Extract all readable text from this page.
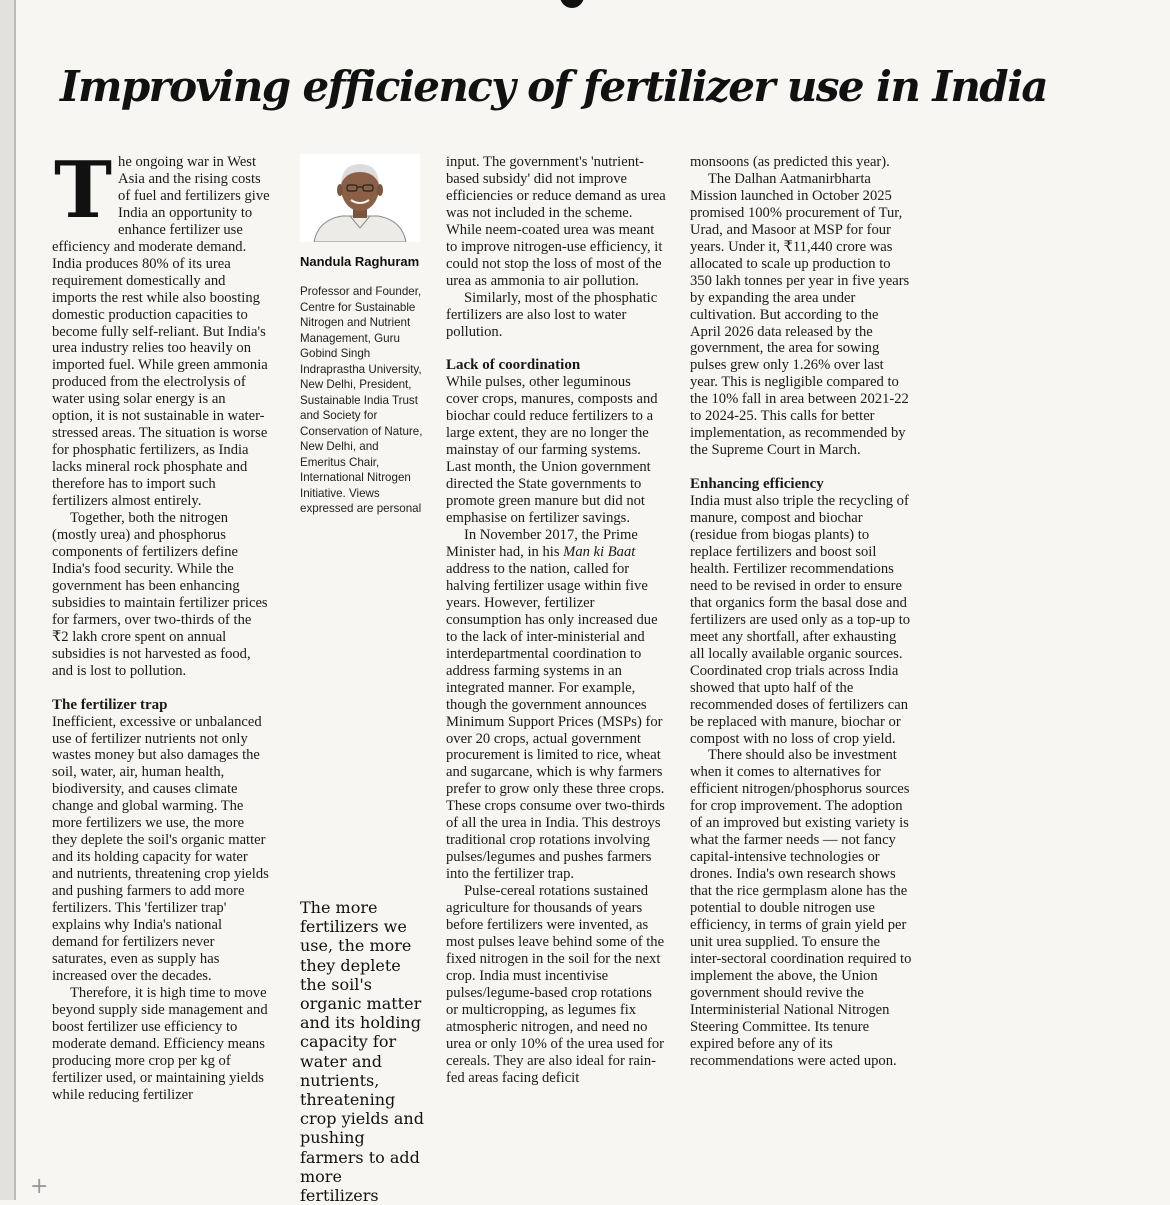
+
Improving efficiency of fertilizer use in India

The ongoing war in West Asia and the rising costs of fuel and fertilizers give India an opportunity to enhance fertilizer use efficiency and moderate demand. India produces 80% of its urea requirement domestically and imports the rest while also boosting domestic production capacities to become fully self-reliant. But India's urea industry relies too heavily on imported fuel. While green ammonia produced from the electrolysis of water using solar energy is an option, it is not sustainable in water-stressed areas. The situation is worse for phosphatic fertilizers, as India lacks mineral rock phosphate and therefore has to import such fertilizers almost entirely.

Together, both the nitrogen (mostly urea) and phosphorus components of fertilizers define India's food security. While the government has been enhancing subsidies to maintain fertilizer prices for farmers, over two-thirds of the ₹2 lakh crore spent on annual subsidies is not harvested as food, and is lost to pollution.

The fertilizer trap

Inefficient, excessive or unbalanced use of fertilizer nutrients not only wastes money but also damages the soil, water, air, human health, biodiversity, and causes climate change and global warming. The more fertilizers we use, the more they deplete the soil's organic matter and its holding capacity for water and nutrients, threatening crop yields and pushing farmers to add more fertilizers. This 'fertilizer trap' explains why India's national demand for fertilizers never saturates, even as supply has increased over the decades.

Therefore, it is high time to move beyond supply side management and boost fertilizer use efficiency to moderate demand. Efficiency means producing more crop per kg of fertilizer used, or maintaining yields while reducing fertilizer

Nandula Raghuram
Professor and Founder, Centre for Sustainable Nitrogen and Nutrient Management, Guru Gobind Singh Indraprastha University, New Delhi, President, Sustainable India Trust and Society for Conservation of Nature, New Delhi, and Emeritus Chair, International Nitrogen Initiative. Views expressed are personal
The more fertilizers we use, the more they deplete the soil's organic matter and its holding capacity for water and nutrients, threatening crop yields and pushing farmers to add more fertilizers

input. The government's 'nutrient-based subsidy' did not improve efficiencies or reduce demand as urea was not included in the scheme. While neem-coated urea was meant to improve nitrogen-use efficiency, it could not stop the loss of most of the urea as ammonia to air pollution.

Similarly, most of the phosphatic fertilizers are also lost to water pollution.

Lack of coordination

While pulses, other leguminous cover crops, manures, composts and biochar could reduce fertilizers to a large extent, they are no longer the mainstay of our farming systems. Last month, the Union government directed the State governments to promote green manure but did not emphasise on fertilizer savings.

In November 2017, the Prime Minister had, in his Man ki Baat address to the nation, called for halving fertilizer usage within five years. However, fertilizer consumption has only increased due to the lack of inter-ministerial and interdepartmental coordination to address farming systems in an integrated manner. For example, though the government announces Minimum Support Prices (MSPs) for over 20 crops, actual government procurement is limited to rice, wheat and sugarcane, which is why farmers prefer to grow only these three crops. These crops consume over two-thirds of all the urea in India. This destroys traditional crop rotations involving pulses/legumes and pushes farmers into the fertilizer trap.

Pulse-cereal rotations sustained agriculture for thousands of years before fertilizers were invented, as most pulses leave behind some of the fixed nitrogen in the soil for the next crop. India must incentivise pulses/legume-based crop rotations or multicropping, as legumes fix atmospheric nitrogen, and need no urea or only 10% of the urea used for cereals. They are also ideal for rain-fed areas facing deficit

monsoons (as predicted this year).

The Dalhan Aatmanirbharta Mission launched in October 2025 promised 100% procurement of Tur, Urad, and Masoor at MSP for four years. Under it, ₹11,440 crore was allocated to scale up production to 350 lakh tonnes per year in five years by expanding the area under cultivation. But according to the April 2026 data released by the government, the area for sowing pulses grew only 1.26% over last year. This is negligible compared to the 10% fall in area between 2021-22 to 2024-25. This calls for better implementation, as recommended by the Supreme Court in March.

Enhancing efficiency

India must also triple the recycling of manure, compost and biochar (residue from biogas plants) to replace fertilizers and boost soil health. Fertilizer recommendations need to be revised in order to ensure that organics form the basal dose and fertilizers are used only as a top-up to meet any shortfall, after exhausting all locally available organic sources. Coordinated crop trials across India showed that upto half of the recommended doses of fertilizers can be replaced with manure, biochar or compost with no loss of crop yield.

There should also be investment when it comes to alternatives for efficient nitrogen/phosphorus sources for crop improvement. The adoption of an improved but existing variety is what the farmer needs — not fancy capital-intensive technologies or drones. India's own research shows that the rice germplasm alone has the potential to double nitrogen use efficiency, in terms of grain yield per unit urea supplied. To ensure the inter-sectoral coordination required to implement the above, the Union government should revive the Interministerial National Nitrogen Steering Committee. Its tenure expired before any of its recommendations were acted upon.
